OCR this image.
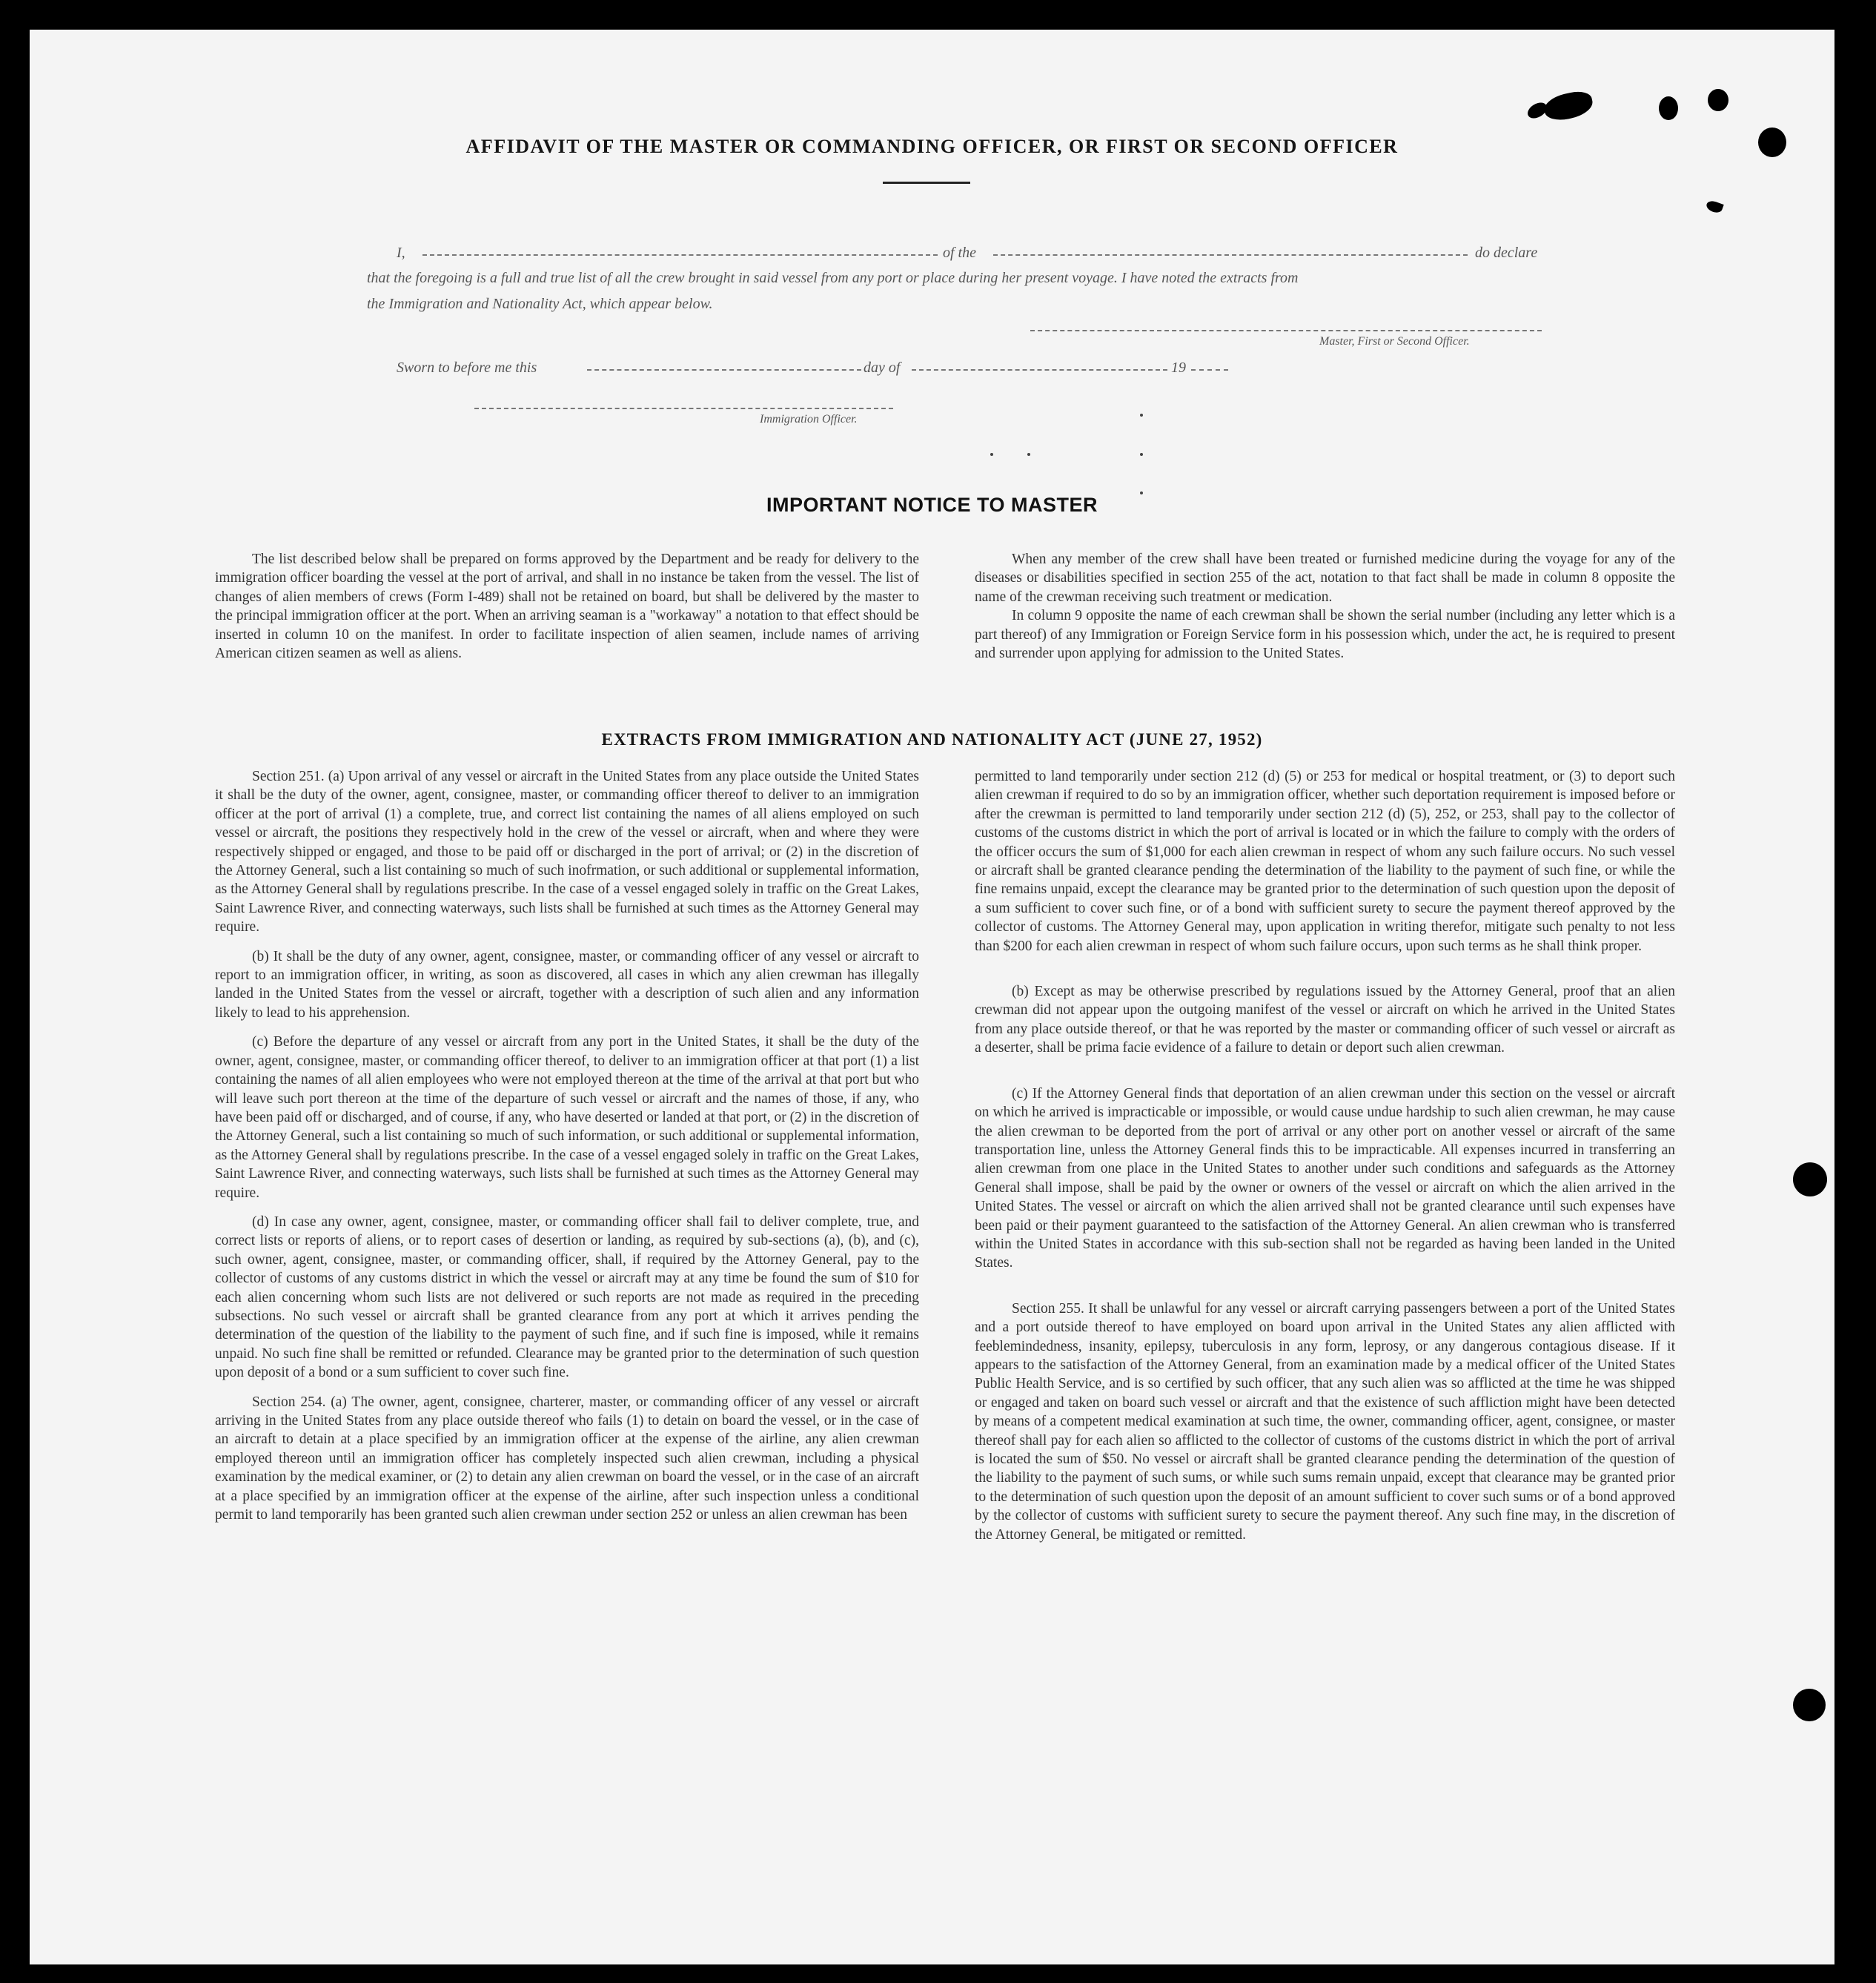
AFFIDAVIT OF THE MASTER OR COMMANDING OFFICER, OR FIRST OR SECOND OFFICER
I,	of the	do declare
that the foregoing is a full and true list of all the crew brought in said vessel from any port or place during her present voyage. I have noted the extracts from
the Immigration and Nationality Act, which appear below.
Master, First or Second Officer.
Sworn to before me this	day of	19
Immigration Officer.
IMPORTANT NOTICE TO MASTER

The list described below shall be prepared on forms approved by the Department and be ready for delivery to the immigration officer boarding the vessel at the port of arrival, and shall in no instance be taken from the vessel. The list of changes of alien members of crews (Form I-489) shall not be retained on board, but shall be delivered by the master to the principal immigration officer at the port. When an arriving seaman is a "workaway" a notation to that effect should be inserted in column 10 on the manifest. In order to facilitate inspection of alien seamen, include names of arriving American citizen seamen as well as aliens.

When any member of the crew shall have been treated or furnished medicine during the voyage for any of the diseases or disabilities specified in section 255 of the act, notation to that fact shall be made in column 8 opposite the name of the crewman receiving such treatment or medication.

In column 9 opposite the name of each crewman shall be shown the serial number (including any letter which is a part thereof) of any Immigration or Foreign Service form in his possession which, under the act, he is required to present and surrender upon applying for admission to the United States.

EXTRACTS FROM IMMIGRATION AND NATIONALITY ACT (JUNE 27, 1952)

Section 251. (a) Upon arrival of any vessel or aircraft in the United States from any place outside the United States it shall be the duty of the owner, agent, consignee, master, or commanding officer thereof to deliver to an immigration officer at the port of arrival (1) a complete, true, and correct list containing the names of all aliens employed on such vessel or aircraft, the positions they respectively hold in the crew of the vessel or aircraft, when and where they were respectively shipped or engaged, and those to be paid off or discharged in the port of arrival; or (2) in the discretion of the Attorney General, such a list containing so much of such inofrmation, or such additional or supplemental information, as the Attorney General shall by regulations prescribe. In the case of a vessel engaged solely in traffic on the Great Lakes, Saint Lawrence River, and connecting waterways, such lists shall be furnished at such times as the Attorney General may require.

(b) It shall be the duty of any owner, agent, consignee, master, or commanding officer of any vessel or aircraft to report to an immigration officer, in writing, as soon as discovered, all cases in which any alien crewman has illegally landed in the United States from the vessel or aircraft, together with a description of such alien and any information likely to lead to his apprehension.

(c) Before the departure of any vessel or aircraft from any port in the United States, it shall be the duty of the owner, agent, consignee, master, or commanding officer thereof, to deliver to an immigration officer at that port (1) a list containing the names of all alien employees who were not employed thereon at the time of the arrival at that port but who will leave such port thereon at the time of the departure of such vessel or aircraft and the names of those, if any, who have been paid off or discharged, and of course, if any, who have deserted or landed at that port, or (2) in the discretion of the Attorney General, such a list containing so much of such information, or such additional or supplemental information, as the Attorney General shall by regulations prescribe. In the case of a vessel engaged solely in traffic on the Great Lakes, Saint Lawrence River, and connecting waterways, such lists shall be furnished at such times as the Attorney General may require.

(d) In case any owner, agent, consignee, master, or commanding officer shall fail to deliver complete, true, and correct lists or reports of aliens, or to report cases of desertion or landing, as required by sub-sections (a), (b), and (c), such owner, agent, consignee, master, or commanding officer, shall, if required by the Attorney General, pay to the collector of customs of any customs district in which the vessel or aircraft may at any time be found the sum of $10 for each alien concerning whom such lists are not delivered or such reports are not made as required in the preceding subsections. No such vessel or aircraft shall be granted clearance from any port at which it arrives pending the determination of the question of the liability to the payment of such fine, and if such fine is imposed, while it remains unpaid. No such fine shall be remitted or refunded. Clearance may be granted prior to the determination of such question upon deposit of a bond or a sum sufficient to cover such fine.

Section 254. (a) The owner, agent, consignee, charterer, master, or commanding officer of any vessel or aircraft arriving in the United States from any place outside thereof who fails (1) to detain on board the vessel, or in the case of an aircraft to detain at a place specified by an immigration officer at the expense of the airline, any alien crewman employed thereon until an immigration officer has completely inspected such alien crewman, including a physical examination by the medical examiner, or (2) to detain any alien crewman on board the vessel, or in the case of an aircraft at a place specified by an immigration officer at the expense of the airline, after such inspection unless a conditional permit to land temporarily has been granted such alien crewman under section 252 or unless an alien crewman has been

permitted to land temporarily under section 212 (d) (5) or 253 for medical or hospital treatment, or (3) to deport such alien crewman if required to do so by an immigration officer, whether such deportation requirement is imposed before or after the crewman is permitted to land temporarily under section 212 (d) (5), 252, or 253, shall pay to the collector of customs of the customs district in which the port of arrival is located or in which the failure to comply with the orders of the officer occurs the sum of $1,000 for each alien crewman in respect of whom any such failure occurs. No such vessel or aircraft shall be granted clearance pending the determination of the liability to the payment of such fine, or while the fine remains unpaid, except the clearance may be granted prior to the determination of such question upon the deposit of a sum sufficient to cover such fine, or of a bond with sufficient surety to secure the payment thereof approved by the collector of customs. The Attorney General may, upon application in writing therefor, mitigate such penalty to not less than $200 for each alien crewman in respect of whom such failure occurs, upon such terms as he shall think proper.

(b) Except as may be otherwise prescribed by regulations issued by the Attorney General, proof that an alien crewman did not appear upon the outgoing manifest of the vessel or aircraft on which he arrived in the United States from any place outside thereof, or that he was reported by the master or commanding officer of such vessel or aircraft as a deserter, shall be prima facie evidence of a failure to detain or deport such alien crewman.

(c) If the Attorney General finds that deportation of an alien crewman under this section on the vessel or aircraft on which he arrived is impracticable or impossible, or would cause undue hardship to such alien crewman, he may cause the alien crewman to be deported from the port of arrival or any other port on another vessel or aircraft of the same transportation line, unless the Attorney General finds this to be impracticable. All expenses incurred in transferring an alien crewman from one place in the United States to another under such conditions and safeguards as the Attorney General shall impose, shall be paid by the owner or owners of the vessel or aircraft on which the alien arrived in the United States. The vessel or aircraft on which the alien arrived shall not be granted clearance until such expenses have been paid or their payment guaranteed to the satisfaction of the Attorney General. An alien crewman who is transferred within the United States in accordance with this sub-section shall not be regarded as having been landed in the United States.

Section 255. It shall be unlawful for any vessel or aircraft carrying passengers between a port of the United States and a port outside thereof to have employed on board upon arrival in the United States any alien afflicted with feeblemindedness, insanity, epilepsy, tuberculosis in any form, leprosy, or any dangerous contagious disease. If it appears to the satisfaction of the Attorney General, from an examination made by a medical officer of the United States Public Health Service, and is so certified by such officer, that any such alien was so afflicted at the time he was shipped or engaged and taken on board such vessel or aircraft and that the existence of such affliction might have been detected by means of a competent medical examination at such time, the owner, commanding officer, agent, consignee, or master thereof shall pay for each alien so afflicted to the collector of customs of the customs district in which the port of arrival is located the sum of $50. No vessel or aircraft shall be granted clearance pending the determination of the question of the liability to the payment of such sums, or while such sums remain unpaid, except that clearance may be granted prior to the determination of such question upon the deposit of an amount sufficient to cover such sums or of a bond approved by the collector of customs with sufficient surety to secure the payment thereof. Any such fine may, in the discretion of the Attorney General, be mitigated or remitted.
